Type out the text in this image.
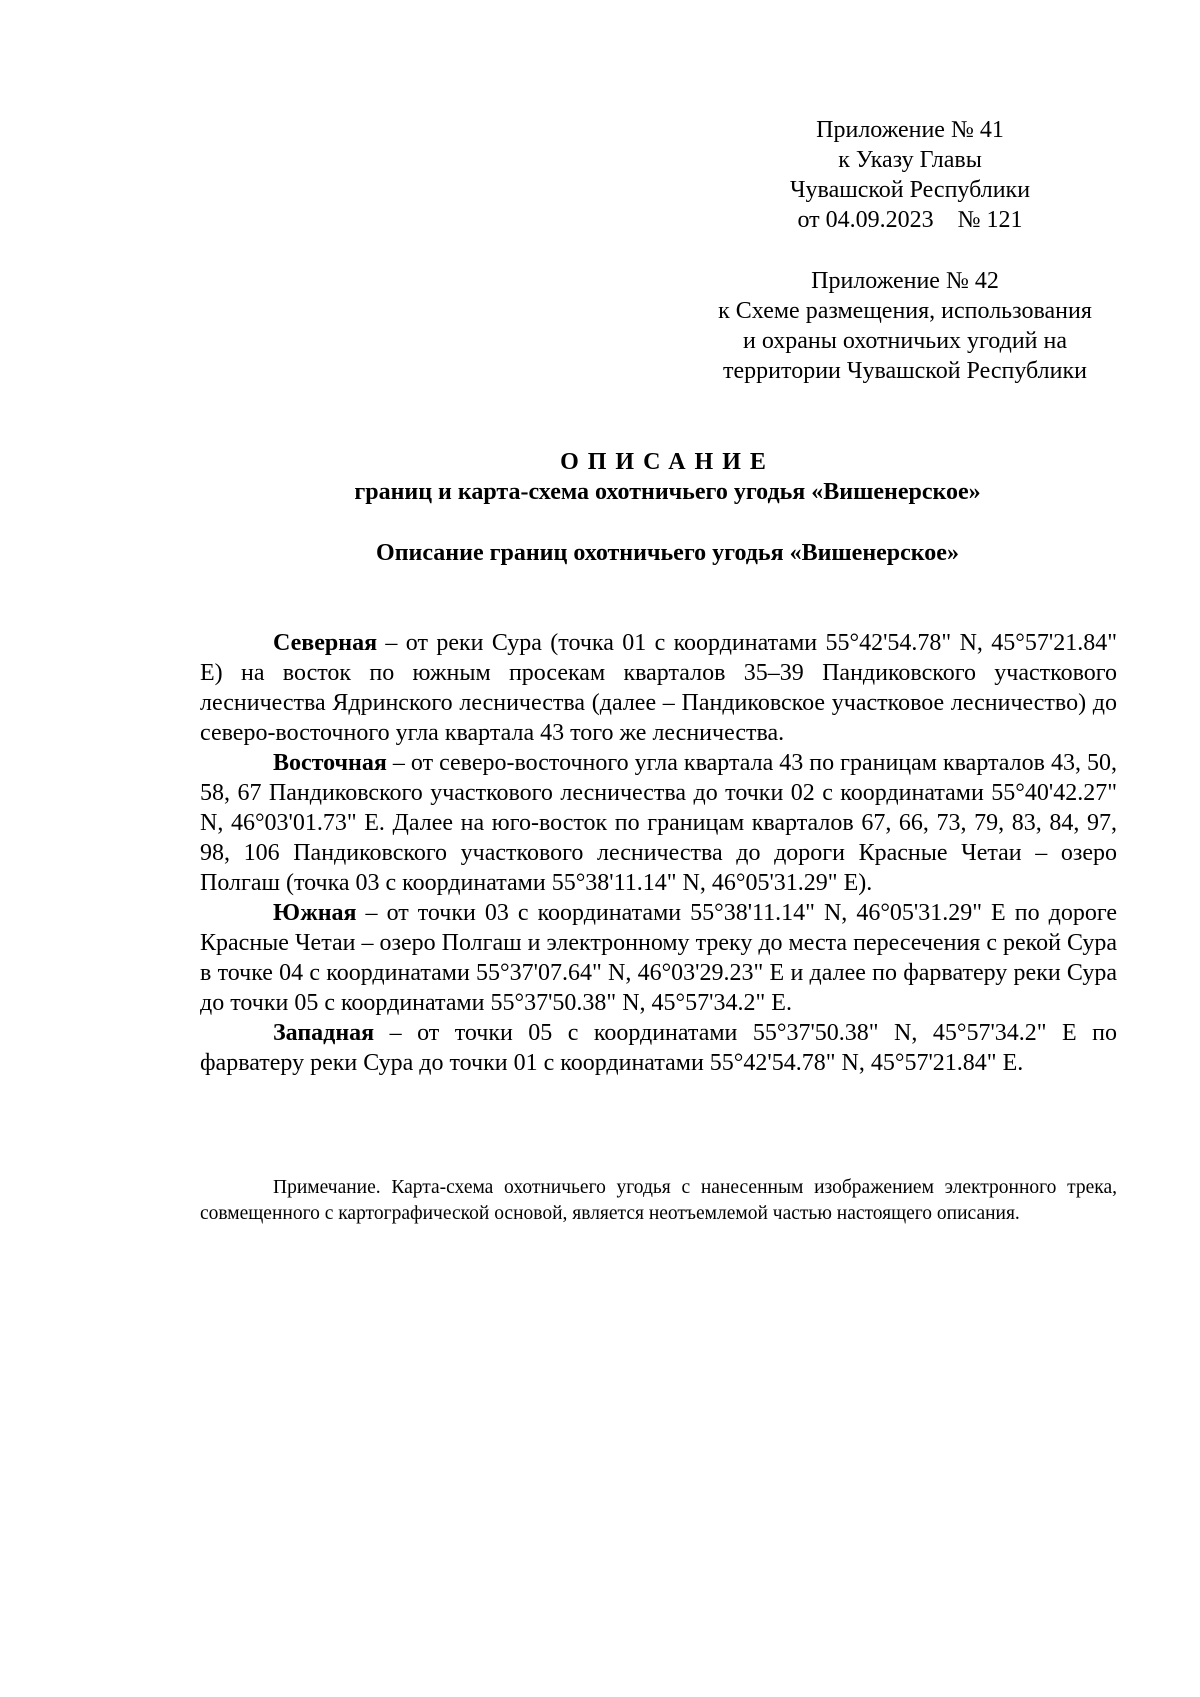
Приложение № 41
к Указу Главы
Чувашской Республики
от 04.09.2023    № 121
Приложение № 42
к Схеме размещения, использования
и охраны охотничьих угодий на
территории Чувашской Республики
ОПИСАНИЕ
границ и карта-схема охотничьего угодья «Вишенерское»
Описание границ охотничьего угодья «Вишенерское»

Северная – от реки Сура (точка 01 с координатами 55°42'54.78" N, 45°57'21.84" E) на восток по южным просекам кварталов 35–39 Пандиковского участкового лесничества Ядринского лесничества (далее – Пандиковское участковое лесничество) до северо-восточного угла квартала 43 того же лесничества.

Восточная – от северо-восточного угла квартала 43 по границам кварталов 43, 50, 58, 67 Пандиковского участкового лесничества до точки 02 с координатами 55°40'42.27" N, 46°03'01.73" E. Далее на юго-восток по границам кварталов 67, 66, 73, 79, 83, 84, 97, 98, 106 Пандиковского участкового лесничества до дороги Красные Четаи – озеро Полгаш (точка 03 с координатами 55°38'11.14" N, 46°05'31.29" E).

Южная – от точки 03 с координатами 55°38'11.14" N, 46°05'31.29" E по дороге Красные Четаи – озеро Полгаш и электронному треку до места пересечения с рекой Сура в точке 04 с координатами 55°37'07.64" N, 46°03'29.23" E и далее по фарватеру реки Сура до точки 05 с координатами 55°37'50.38" N, 45°57'34.2" E.

Западная – от точки 05 с координатами 55°37'50.38" N, 45°57'34.2" E по фарватеру реки Сура до точки 01 с координатами 55°42'54.78" N, 45°57'21.84" E.

Примечание. Карта-схема охотничьего угодья с нанесенным изображением электронного трека, совмещенного с картографической основой, является неотъемлемой частью настоящего описания.
